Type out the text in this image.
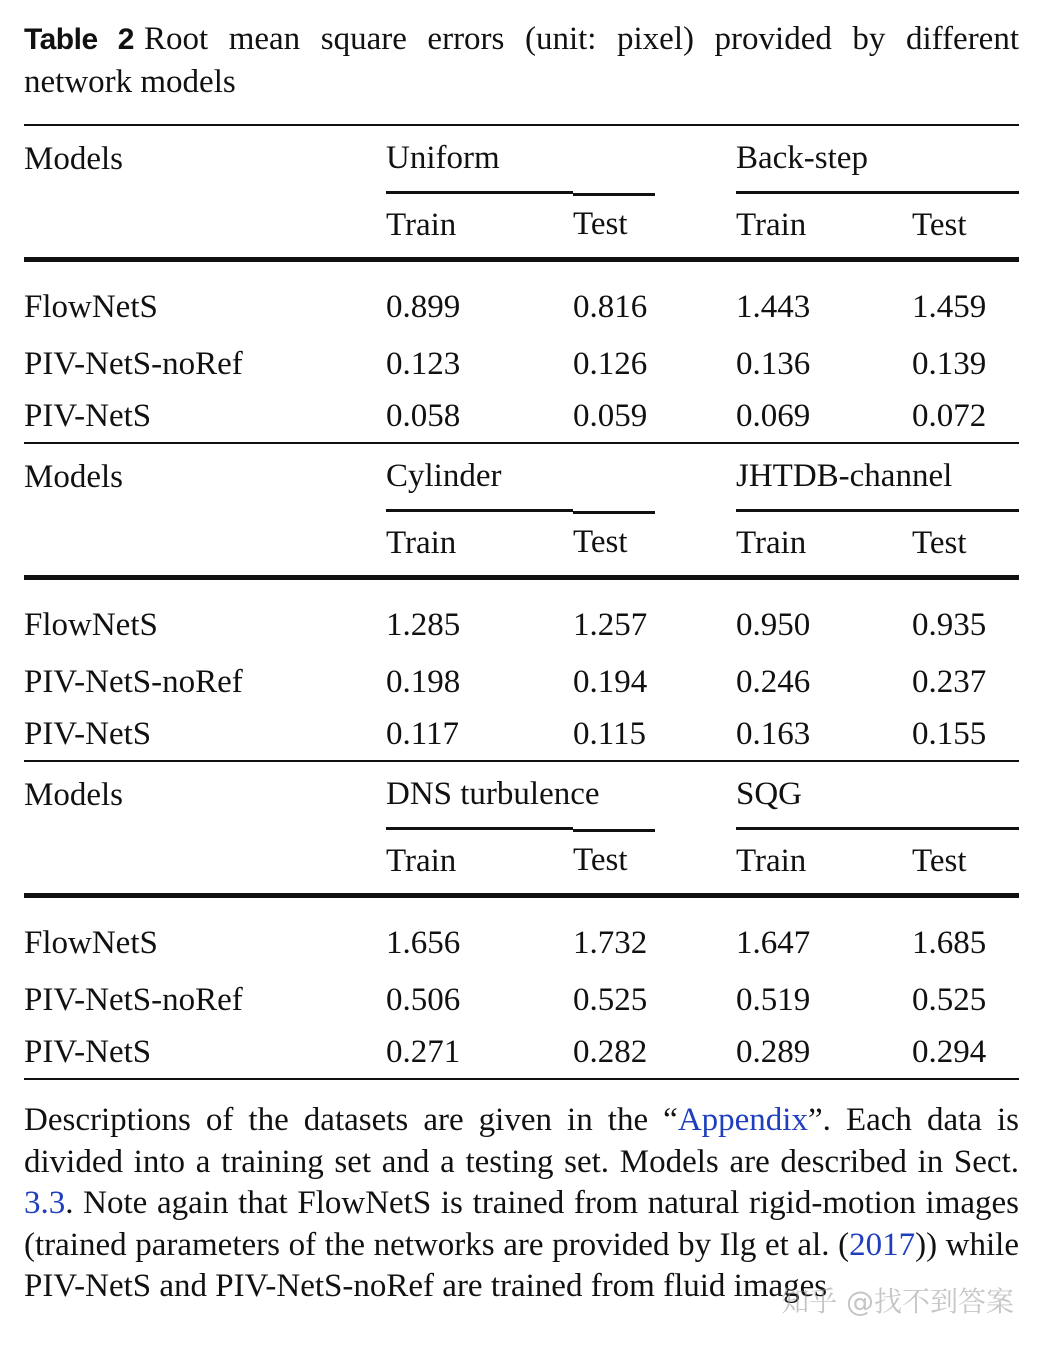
Table 2 Root mean square errors (unit: pixel) provided by different network models

Models	Uniform		Back-step	
	Train	Test	Train	Test

FlowNetS	0.899	0.816	1.443	1.459
PIV-NetS-noRef	0.123	0.126	0.136	0.139
PIV-NetS	0.058	0.059	0.069	0.072

Models	Cylinder		JHTDB-channel	
	Train	Test	Train	Test

FlowNetS	1.285	1.257	0.950	0.935
PIV-NetS-noRef	0.198	0.194	0.246	0.237
PIV-NetS	0.117	0.115	0.163	0.155

Models	DNS turbulence		SQG	
	Train	Test	Train	Test

FlowNetS	1.656	1.732	1.647	1.685
PIV-NetS-noRef	0.506	0.525	0.519	0.525
PIV-NetS	0.271	0.282	0.289	0.294

Descriptions of the datasets are given in the “Appendix”. Each data is divided into a training set and a testing set. Models are described in Sect. 3.3. Note again that FlowNetS is trained from natural rigid-motion images (trained parameters of the networks are provided by Ilg et al. (2017)) while PIV-NetS and PIV-NetS-noRef are trained from fluid images

知乎 @找不到答案
